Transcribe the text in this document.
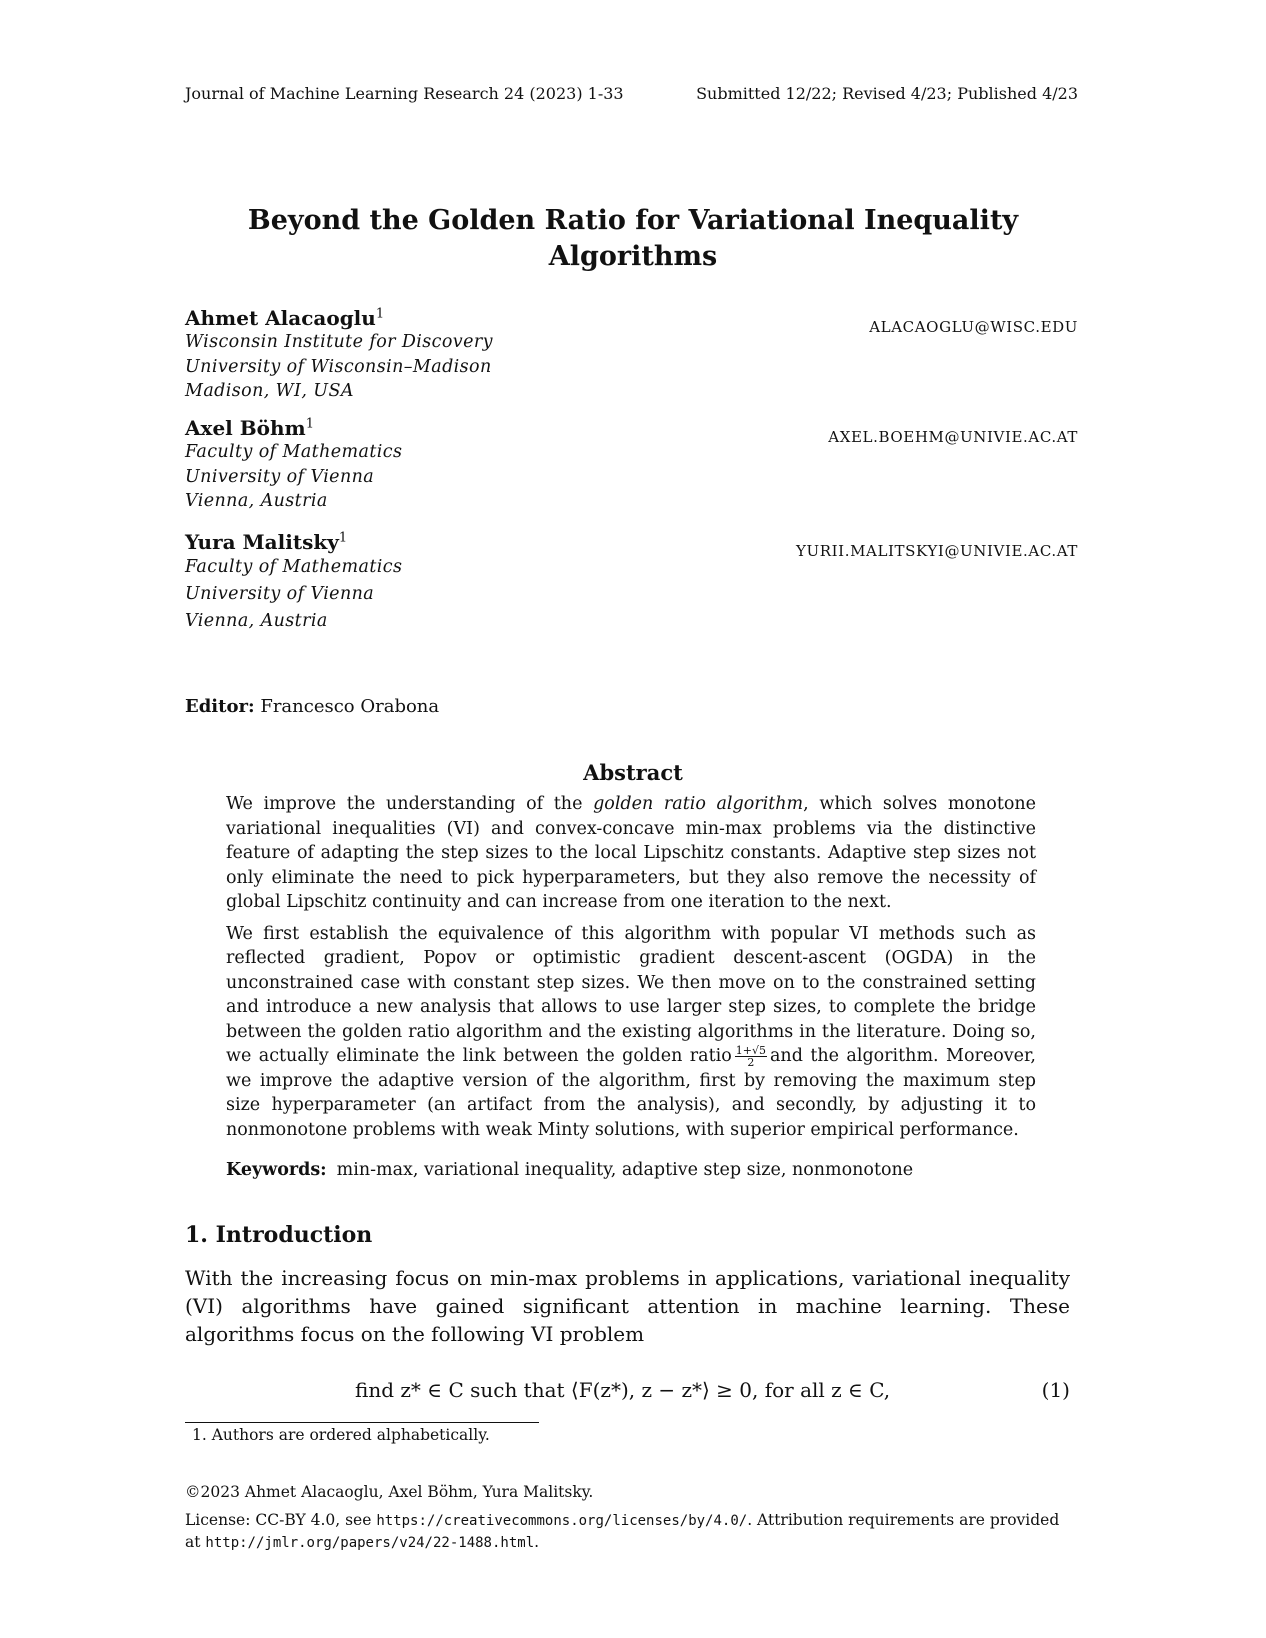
Journal of Machine Learning Research 24 (2023) 1-33	Submitted 12/22; Revised 4/23; Published 4/23
Beyond the Golden Ratio for Variational Inequality
Algorithms
Ahmet Alacaoglu$^1$
Wisconsin Institute for Discovery
University of Wisconsin–Madison
Madison, WI, USA
ALACAOGLU@WISC.EDU
Axel Böhm$^1$
Faculty of Mathematics
University of Vienna
Vienna, Austria
AXEL.BOEHM@UNIVIE.AC.AT
Yura Malitsky$^1$
Faculty of Mathematics
University of Vienna
Vienna, Austria
YURII.MALITSKYI@UNIVIE.AC.AT
Editor: Francesco Orabona
Abstract

We improve the understanding of the golden ratio algorithm, which solves monotone variational inequalities (VI) and convex-concave min-max problems via the distinctive feature of adapting the step sizes to the local Lipschitz constants. Adaptive step sizes not only eliminate the need to pick hyperparameters, but they also remove the necessity of global Lipschitz continuity and can increase from one iteration to the next.

We first establish the equivalence of this algorithm with popular VI methods such as reflected gradient, Popov or optimistic gradient descent-ascent (OGDA) in the unconstrained case with constant step sizes. We then move on to the constrained setting and introduce a new analysis that allows to use larger step sizes, to complete the bridge between the golden ratio algorithm and the existing algorithms in the literature. Doing so, we actually eliminate the link between the golden ratio $\frac{1+√5}{2}$ and the algorithm. Moreover, we improve the adaptive version of the algorithm, first by removing the maximum step size hyperparameter (an artifact from the analysis), and secondly, by adjusting it to nonmonotone problems with weak Minty solutions, with superior empirical performance.

Keywords: min-max, variational inequality, adaptive step size, nonmonotone
1. Introduction
With the increasing focus on min-max problems in applications, variational inequality (VI) algorithms have gained significant attention in machine learning. These algorithms focus on the following VI problem
find z* ∈ C such that ⟨F(z*), z − z*⟩ ≥ 0, for all z ∈ C,	(1)
1. Authors are ordered alphabetically.
©2023 Ahmet Alacaoglu, Axel Böhm, Yura Malitsky.
License: CC-BY 4.0, see https://creativecommons.org/licenses/by/4.0/. Attribution requirements are provided at http://jmlr.org/papers/v24/22-1488.html.
